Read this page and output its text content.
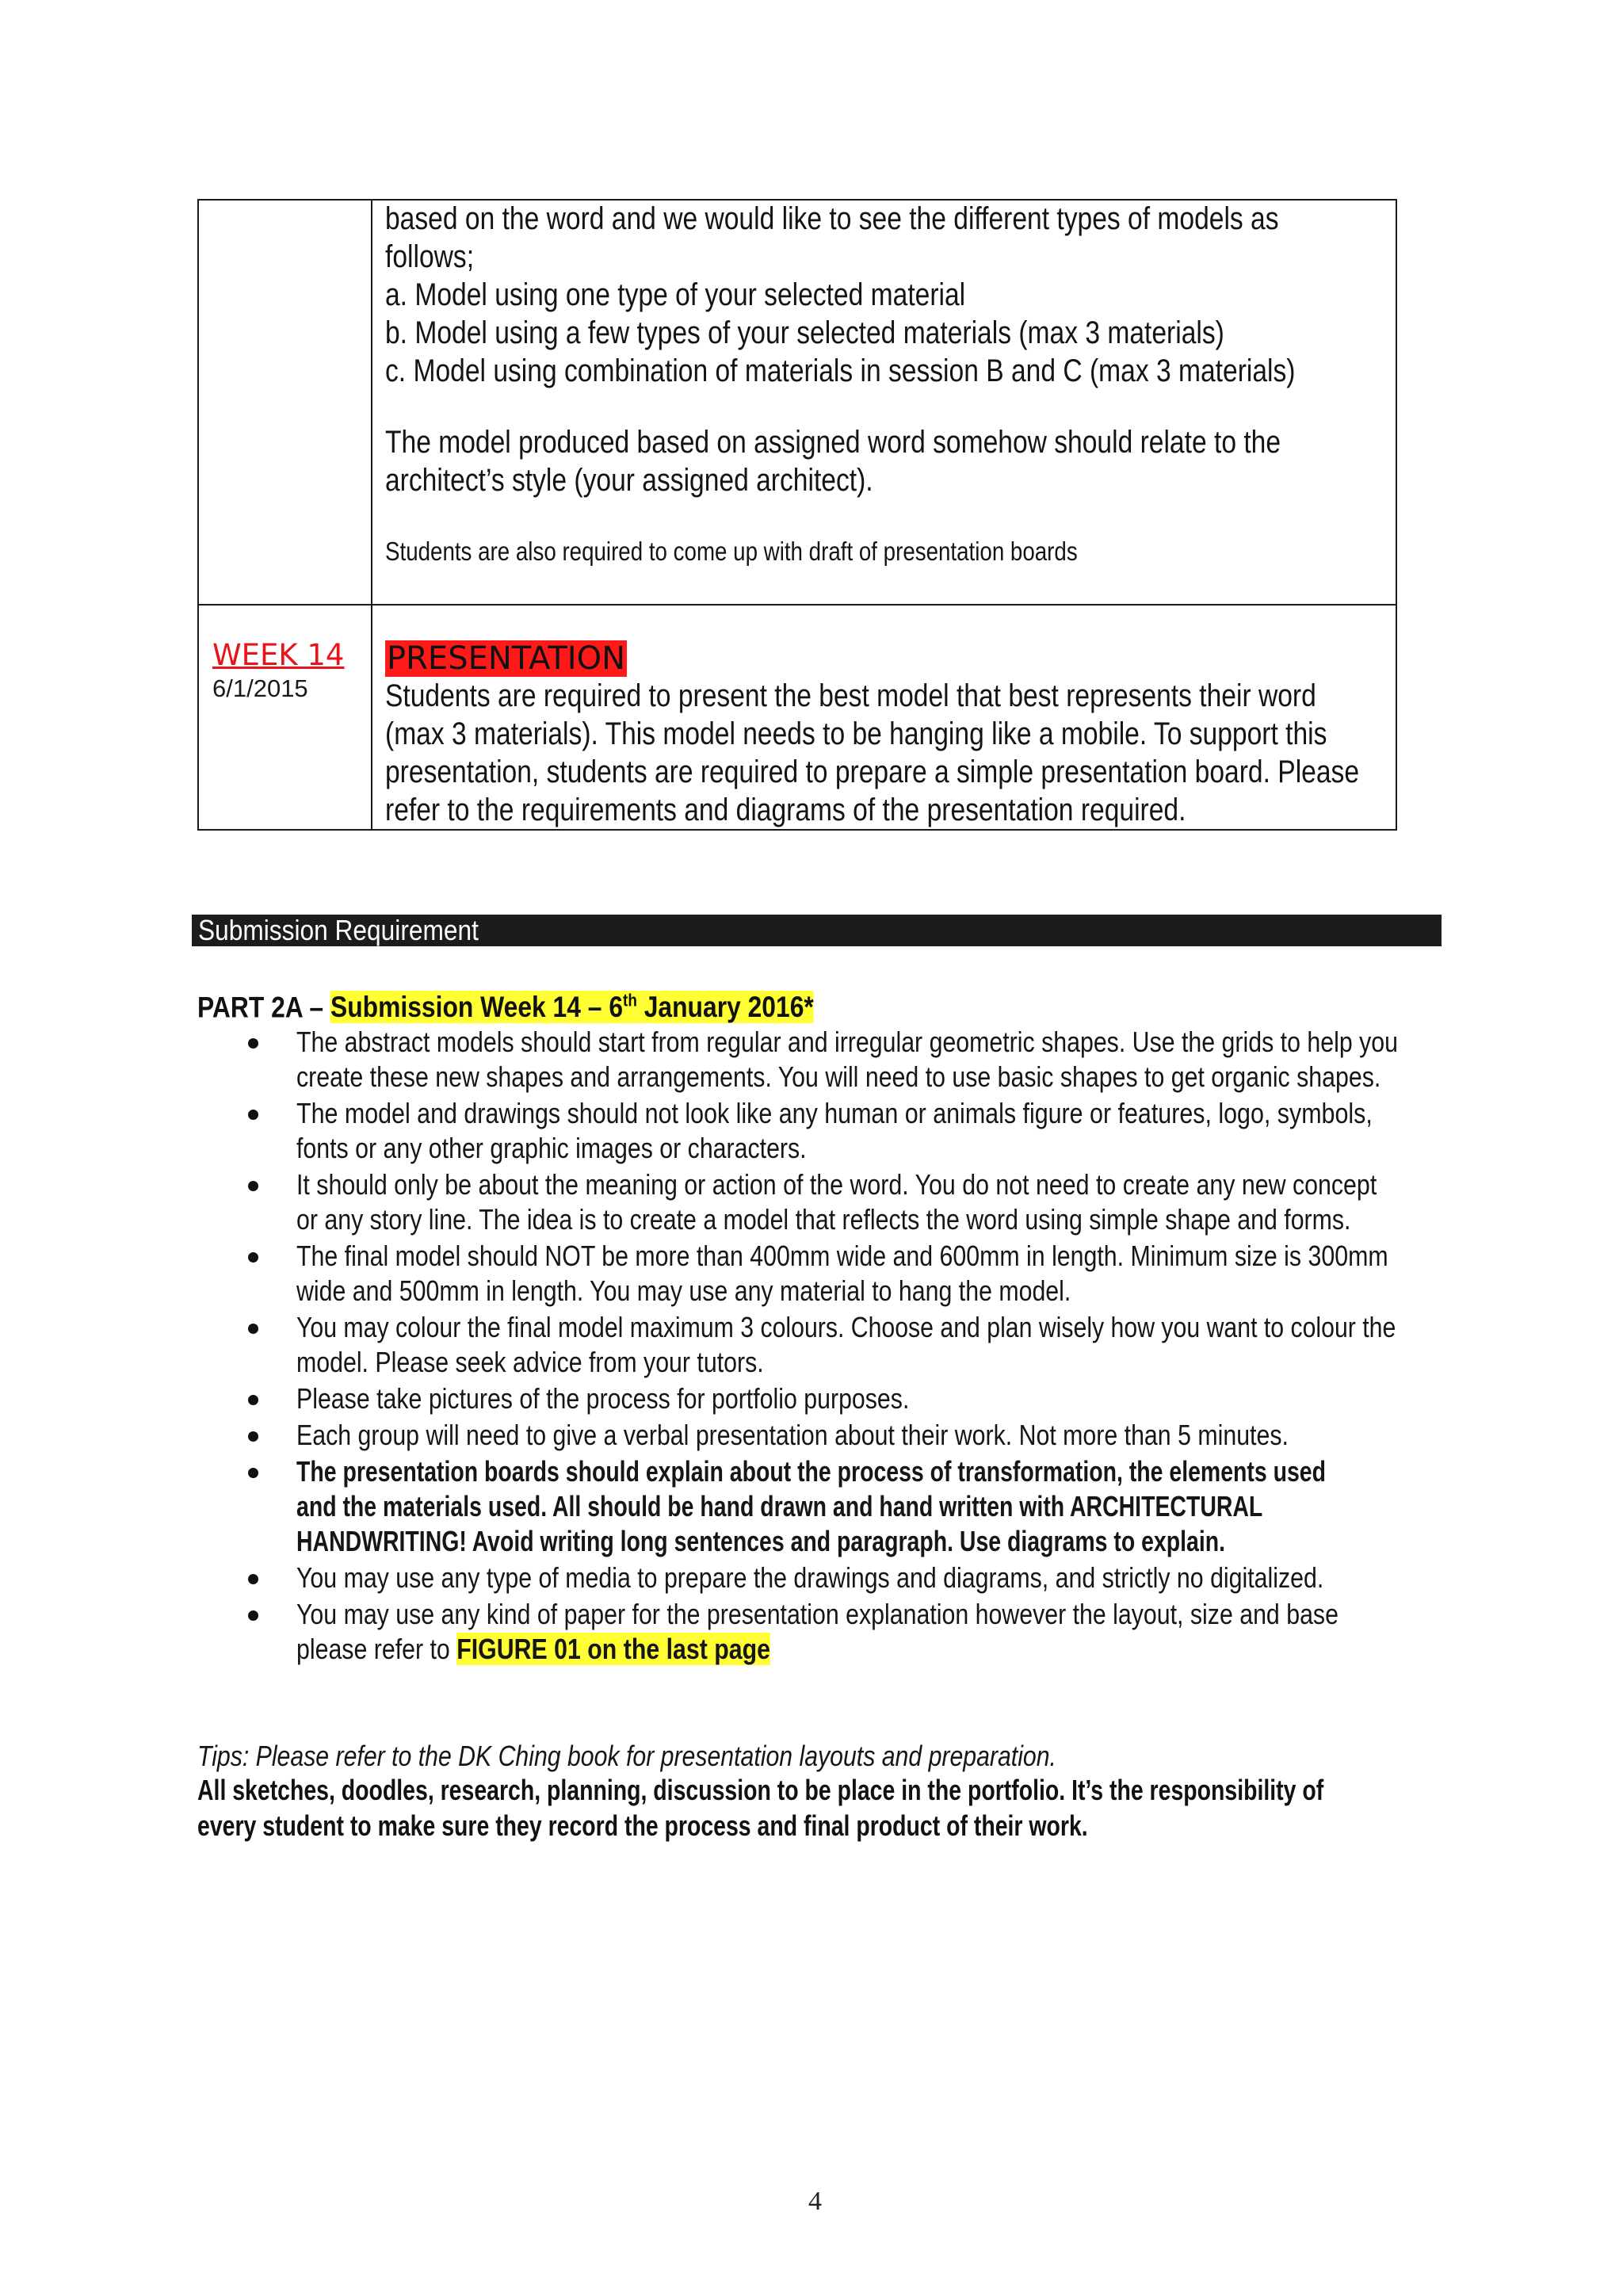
based on the word and we would like to see the different types of models as
follows;
a. Model using one type of your selected material
b. Model using a few types of your selected materials (max 3 materials)
c. Model using combination of materials in session B and C (max 3 materials)
The model produced based on assigned word somehow should relate to the
architect’s style (your assigned architect).
Students are also required to come up with draft of presentation boards
WEEK 14
6/1/2015
PRESENTATION
Students are required to present the best model that best represents their word
(max 3 materials). This model needs to be hanging like a mobile. To support this
presentation, students are required to prepare a simple presentation board. Please
refer to the requirements and diagrams of the presentation required.
Submission Requirement
PART 2A – Submission Week 14 – 6th January 2016*
The abstract models should start from regular and irregular geometric shapes. Use the grids to help you
create these new shapes and arrangements. You will need to use basic shapes to get organic shapes.
The model and drawings should not look like any human or animals figure or features, logo, symbols,
fonts or any other graphic images or characters.
It should only be about the meaning or action of the word. You do not need to create any new concept
or any story line. The idea is to create a model that reflects the word using simple shape and forms.
The final model should NOT be more than 400mm wide and 600mm in length. Minimum size is 300mm
wide and 500mm in length. You may use any material to hang the model.
You may colour the final model maximum 3 colours. Choose and plan wisely how you want to colour the
model. Please seek advice from your tutors.
Please take pictures of the process for portfolio purposes.
Each group will need to give a verbal presentation about their work. Not more than 5 minutes.
The presentation boards should explain about the process of transformation, the elements used
and the materials used. All should be hand drawn and hand written with ARCHITECTURAL
HANDWRITING! Avoid writing long sentences and paragraph. Use diagrams to explain.
You may use any type of media to prepare the drawings and diagrams, and strictly no digitalized.
You may use any kind of paper for the presentation explanation however the layout, size and base
please refer to FIGURE 01 on the last page
Tips: Please refer to the DK Ching book for presentation layouts and preparation.
All sketches, doodles, research, planning, discussion to be place in the portfolio. It’s the responsibility of
every student to make sure they record the process and final product of their work.
4
